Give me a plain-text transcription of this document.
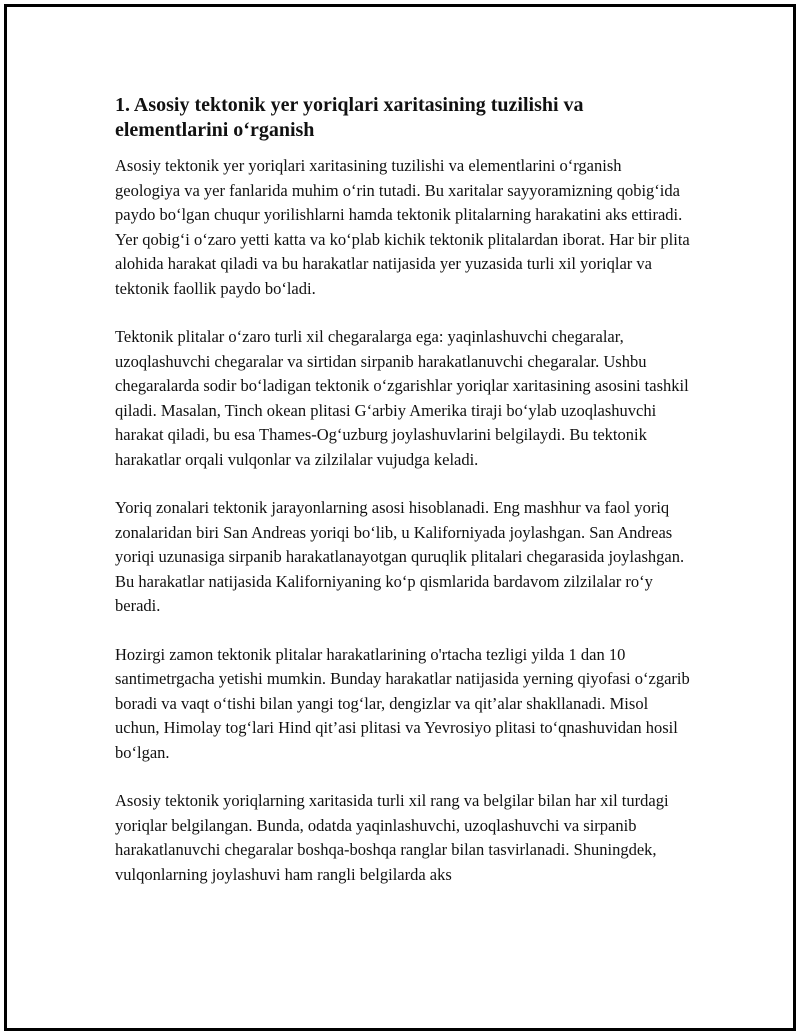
1. Asosiy tektonik yer yoriqlari xaritasining tuzilishi va elementlarini o‘rganish

Asosiy tektonik yer yoriqlari xaritasining tuzilishi va elementlarini o‘rganish geologiya va yer fanlarida muhim o‘rin tutadi. Bu xaritalar sayyoramizning qobig‘ida paydo bo‘lgan chuqur yorilishlarni hamda tektonik plitalarning harakatini aks ettiradi. Yer qobig‘i o‘zaro yetti katta va ko‘plab kichik tektonik plitalardan iborat. Har bir plita alohida harakat qiladi va bu harakatlar natijasida yer yuzasida turli xil yoriqlar va tektonik faollik paydo bo‘ladi.

Tektonik plitalar o‘zaro turli xil chegaralarga ega: yaqinlashuvchi chegaralar, uzoqlashuvchi chegaralar va sirtidan sirpanib harakatlanuvchi chegaralar. Ushbu chegaralarda sodir bo‘ladigan tektonik o‘zgarishlar yoriqlar xaritasining asosini tashkil qiladi. Masalan, Tinch okean plitasi G‘arbiy Amerika tiraji bo‘ylab uzoqlashuvchi harakat qiladi, bu esa Thames-Og‘uzburg joylashuvlarini belgilaydi. Bu tektonik harakatlar orqali vulqonlar va zilzilalar vujudga keladi.

Yoriq zonalari tektonik jarayonlarning asosi hisoblanadi. Eng mashhur va faol yoriq zonalaridan biri San Andreas yoriqi bo‘lib, u Kaliforniyada joylashgan. San Andreas yoriqi uzunasiga sirpanib harakatlanayotgan quruqlik plitalari chegarasida joylashgan. Bu harakatlar natijasida Kaliforniyaning ko‘p qismlarida bardavom zilzilalar ro‘y beradi.

Hozirgi zamon tektonik plitalar harakatlarining o'rtacha tezligi yilda 1 dan 10 santimetrgacha yetishi mumkin. Bunday harakatlar natijasida yerning qiyofasi o‘zgarib boradi va vaqt o‘tishi bilan yangi tog‘lar, dengizlar va qit’alar shakllanadi. Misol uchun, Himolay tog‘lari Hind qit’asi plitasi va Yevrosiyo plitasi to‘qnashuvidan hosil bo‘lgan.

Asosiy tektonik yoriqlarning xaritasida turli xil rang va belgilar bilan har xil turdagi yoriqlar belgilangan. Bunda, odatda yaqinlashuvchi, uzoqlashuvchi va sirpanib harakatlanuvchi chegaralar boshqa-boshqa ranglar bilan tasvirlanadi. Shuningdek, vulqonlarning joylashuvi ham rangli belgilarda aks
